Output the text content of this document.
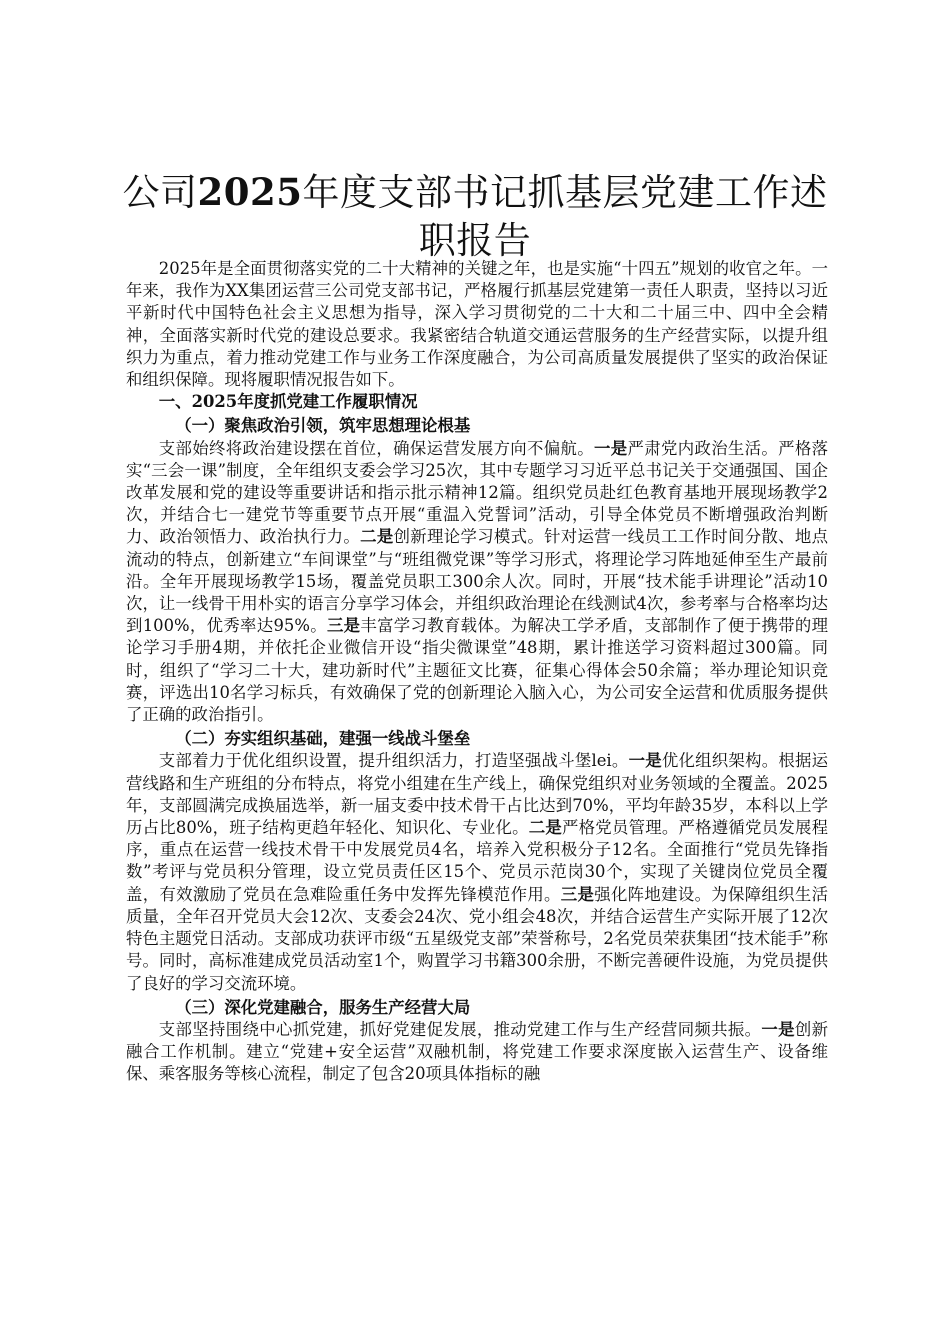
公司2025年度支部书记抓基层党建工作述职报告

2025年是全面贯彻落实党的二十大精神的关键之年，也是实施“十四五”规划的收官之年。一年来，我作为XX集团运营三公司党支部书记，严格履行抓基层党建第一责任人职责，坚持以习近平新时代中国特色社会主义思想为指导，深入学习贯彻党的二十大和二十届三中、四中全会精神，全面落实新时代党的建设总要求。我紧密结合轨道交通运营服务的生产经营实际，以提升组织力为重点，着力推动党建工作与业务工作深度融合，为公司高质量发展提供了坚实的政治保证和组织保障。现将履职情况报告如下。

一、2025年度抓党建工作履职情况

（一）聚焦政治引领，筑牢思想理论根基

支部始终将政治建设摆在首位，确保运营发展方向不偏航。一是严肃党内政治生活。严格落实“三会一课”制度，全年组织支委会学习25次，其中专题学习习近平总书记关于交通强国、国企改革发展和党的建设等重要讲话和指示批示精神12篇。组织党员赴红色教育基地开展现场教学2次，并结合七一建党节等重要节点开展“重温入党誓词”活动，引导全体党员不断增强政治判断力、政治领悟力、政治执行力。二是创新理论学习模式。针对运营一线员工工作时间分散、地点流动的特点，创新建立“车间课堂”与“班组微党课”等学习形式，将理论学习阵地延伸至生产最前沿。全年开展现场教学15场，覆盖党员职工300余人次。同时，开展“技术能手讲理论”活动10次，让一线骨干用朴实的语言分享学习体会，并组织政治理论在线测试4次，参考率与合格率均达到100%，优秀率达95%。三是丰富学习教育载体。为解决工学矛盾，支部制作了便于携带的理论学习手册4期，并依托企业微信开设“指尖微课堂”48期，累计推送学习资料超过300篇。同时，组织了“学习二十大，建功新时代”主题征文比赛，征集心得体会50余篇；举办理论知识竞赛，评选出10名学习标兵，有效确保了党的创新理论入脑入心，为公司安全运营和优质服务提供了正确的政治指引。

（二）夯实组织基础，建强一线战斗堡垒

支部着力于优化组织设置，提升组织活力，打造坚强战斗堡lei。一是优化组织架构。根据运营线路和生产班组的分布特点，将党小组建在生产线上，确保党组织对业务领域的全覆盖。2025年，支部圆满完成换届选举，新一届支委中技术骨干占比达到70%，平均年龄35岁，本科以上学历占比80%，班子结构更趋年轻化、知识化、专业化。二是严格党员管理。严格遵循党员发展程序，重点在运营一线技术骨干中发展党员4名，培养入党积极分子12名。全面推行“党员先锋指数”考评与党员积分管理，设立党员责任区15个、党员示范岗30个，实现了关键岗位党员全覆盖，有效激励了党员在急难险重任务中发挥先锋模范作用。三是强化阵地建设。为保障组织生活质量，全年召开党员大会12次、支委会24次、党小组会48次，并结合运营生产实际开展了12次特色主题党日活动。支部成功获评市级“五星级党支部”荣誉称号，2名党员荣获集团“技术能手”称号。同时，高标准建成党员活动室1个，购置学习书籍300余册，不断完善硬件设施，为党员提供了良好的学习交流环境。

（三）深化党建融合，服务生产经营大局

支部坚持围绕中心抓党建，抓好党建促发展，推动党建工作与生产经营同频共振。一是创新融合工作机制。建立“党建+安全运营”双融机制，将党建工作要求深度嵌入运营生产、设备维保、乘客服务等核心流程，制定了包含20项具体指标的融
